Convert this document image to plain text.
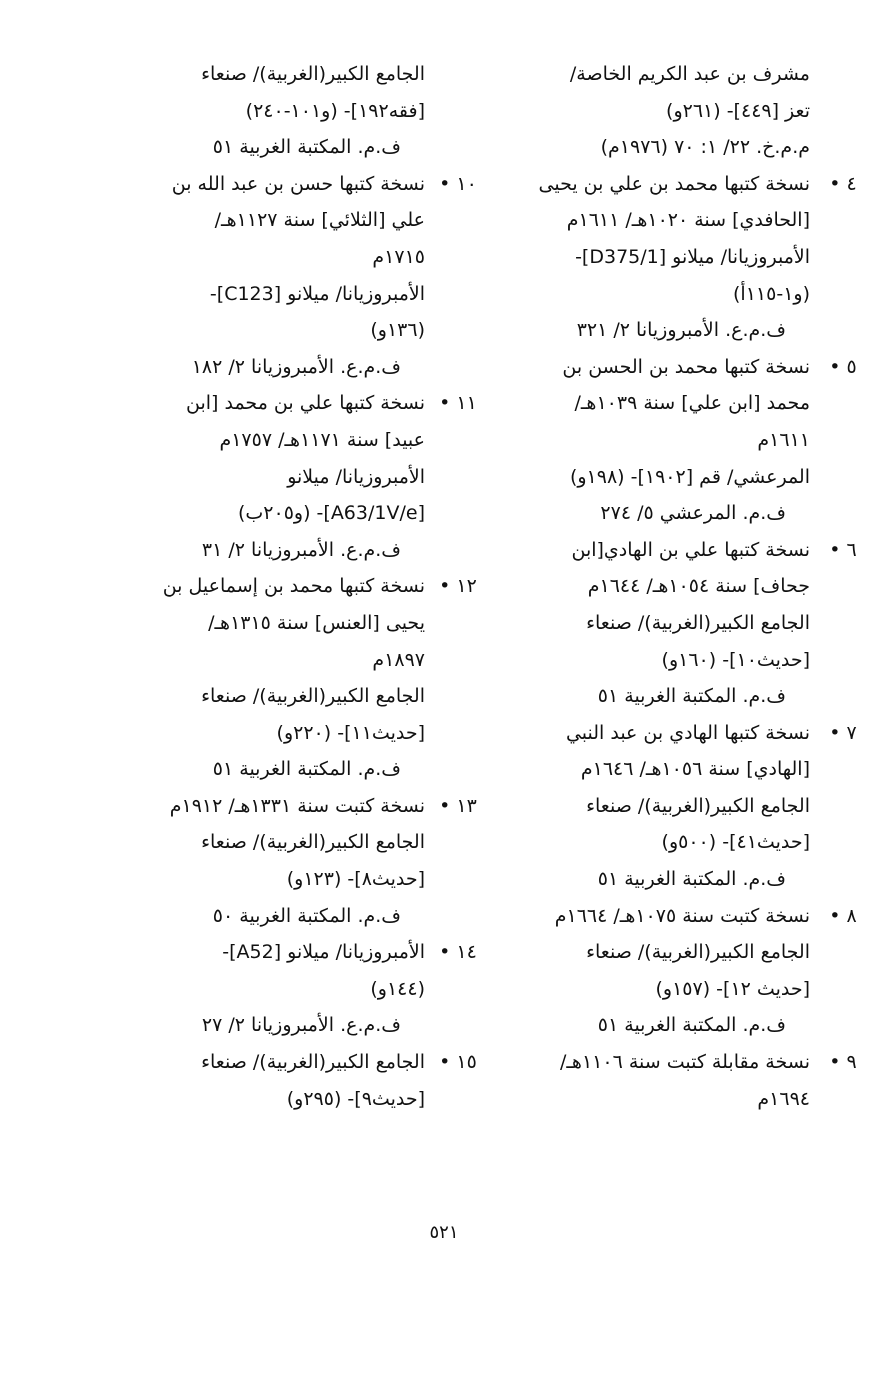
مشرف بن عبد الكريم الخاصة/
تعز [٤٤٩]- (٢٦١و)
م.م.خ. ٢٢/ ١: ٧٠ (١٩٧٦م)
٤ •
نسخة كتبها محمد بن علي بن يحيى
[الحافدي] سنة ١٠٢٠هـ/ ١٦١١م
الأمبروزيانا/ ميلانو [D375/1]-
(و١-١١٥أ)
ف.م.ع. الأمبروزيانا ٢/ ٣٢١
٥ •
نسخة كتبها محمد بن الحسن بن
محمد [ابن علي] سنة ١٠٣٩هـ/
١٦١١م
المرعشي/ قم [١٩٠٢]- (١٩٨و)
ف.م. المرعشي ٥/ ٢٧٤
٦ •
نسخة كتبها علي بن الهادي[ابن
جحاف] سنة ١٠٥٤هـ/ ١٦٤٤م
الجامع الكبير(الغربية)/ صنعاء
[حديث١٠]- (١٦٠و)
ف.م. المكتبة الغربية ٥١
٧ •
نسخة كتبها الهادي بن عبد النبي
[الهادي] سنة ١٠٥٦هـ/ ١٦٤٦م
الجامع الكبير(الغربية)/ صنعاء
[حديث٤١]- (٥٠٠و)
ف.م. المكتبة الغربية ٥١
٨ •
نسخة كتبت سنة ١٠٧٥هـ/ ١٦٦٤م
الجامع الكبير(الغربية)/ صنعاء
[حديث ١٢]- (١٥٧و)
ف.م. المكتبة الغربية ٥١
٩ •
نسخة مقابلة كتبت سنة ١١٠٦هـ/
١٦٩٤م
الجامع الكبير(الغربية)/ صنعاء
[فقه١٩٢]- (و١٠١-٢٤٠)
ف.م. المكتبة الغربية ٥١
١٠ •
نسخة كتبها حسن بن عبد الله بن
علي [الثلائي] سنة ١١٢٧هـ/
١٧١٥م
الأمبروزيانا/ ميلانو [C123]-
(١٣٦و)
ف.م.ع. الأمبروزيانا ٢/ ١٨٢
١١ •
نسخة كتبها علي بن محمد [ابن
عبيد] سنة ١١٧١هـ/ ١٧٥٧م
الأمبروزيانا/ ميلانو
[A63/1V/e]- (و٢٠٥ب)
ف.م.ع. الأمبروزيانا ٢/ ٣١
١٢ •
نسخة كتبها محمد بن إسماعيل بن
يحيى [العنس] سنة ١٣١٥هـ/
١٨٩٧م
الجامع الكبير(الغربية)/ صنعاء
[حديث١١]- (٢٢٠و)
ف.م. المكتبة الغربية ٥١
١٣ •
نسخة كتبت سنة ١٣٣١هـ/ ١٩١٢م
الجامع الكبير(الغربية)/ صنعاء
[حديث٨]- (١٢٣و)
ف.م. المكتبة الغربية ٥٠
١٤ •
الأمبروزيانا/ ميلانو [A52]-
(١٤٤و)
ف.م.ع. الأمبروزيانا ٢/ ٢٧
١٥ •
الجامع الكبير(الغربية)/ صنعاء
[حديث٩]- (٢٩٥و)
٥٢١
